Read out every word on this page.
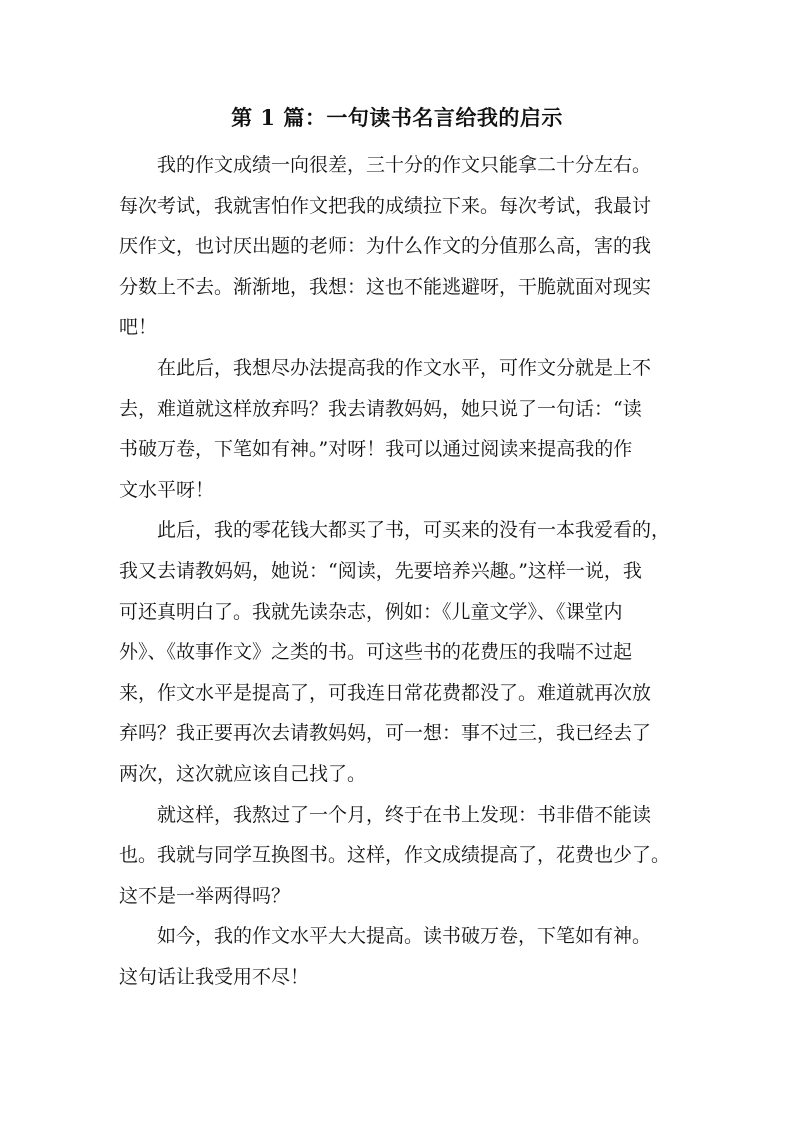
第 1 篇：一句读书名言给我的启示

我的作文成绩一向很差，三十分的作文只能拿二十分左右。

每次考试，我就害怕作文把我的成绩拉下来。每次考试，我最讨
厌作文，也讨厌出题的老师：为什么作文的分值那么高，害的我
分数上不去。渐渐地，我想：这也不能逃避呀，干脆就面对现实
吧！

在此后，我想尽办法提高我的作文水平，可作文分就是上不

去，难道就这样放弃吗？我去请教妈妈，她只说了一句话：“读
书破万卷，下笔如有神。”对呀！我可以通过阅读来提高我的作
文水平呀！

此后，我的零花钱大都买了书，可买来的没有一本我爱看的，

我又去请教妈妈，她说：“阅读，先要培养兴趣。”这样一说，我
可还真明白了。我就先读杂志，例如：《儿童文学》、《课堂内
外》、《故事作文》之类的书。可这些书的花费压的我喘不过起
来，作文水平是提高了，可我连日常花费都没了。难道就再次放
弃吗？我正要再次去请教妈妈，可一想：事不过三，我已经去了
两次，这次就应该自己找了。

就这样，我熬过了一个月，终于在书上发现：书非借不能读

也。我就与同学互换图书。这样，作文成绩提高了，花费也少了。
这不是一举两得吗？

如今，我的作文水平大大提高。读书破万卷，下笔如有神。

这句话让我受用不尽！
